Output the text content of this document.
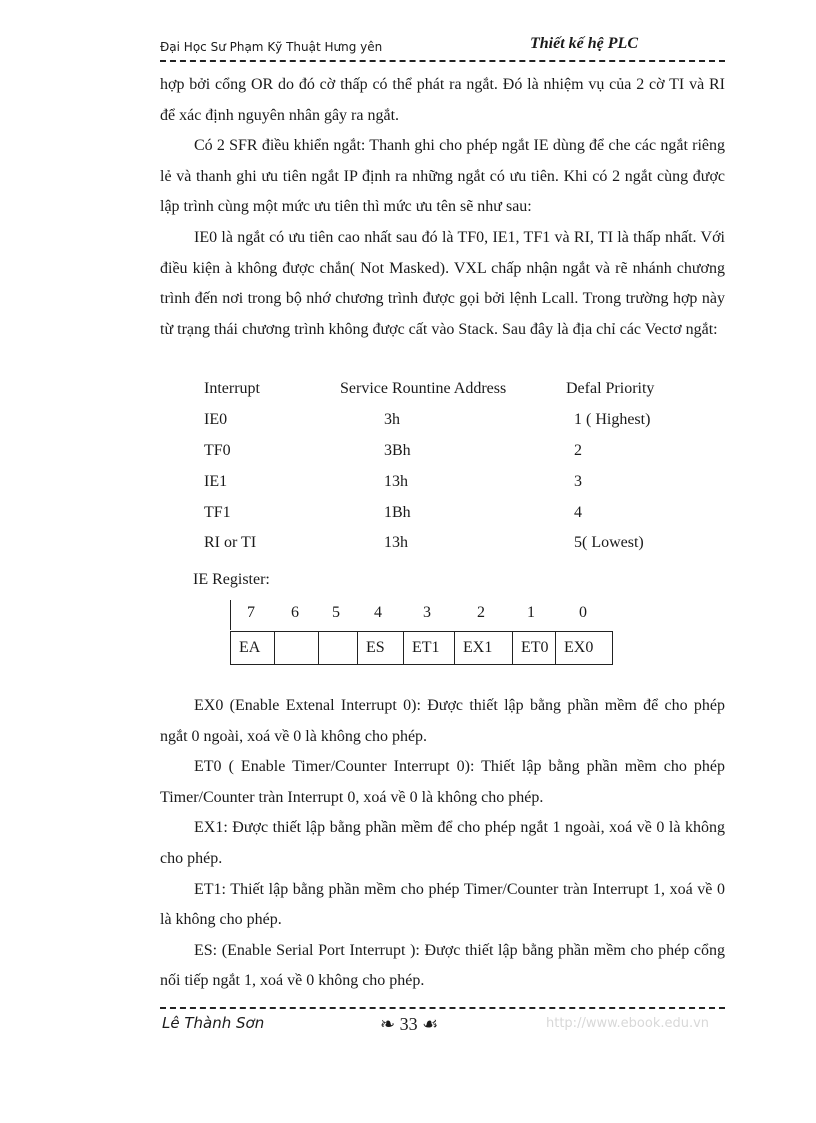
Đại Học Sư Phạm Kỹ Thuật Hưng yên	Thiết kế hệ PLC

hợp bởi cổng OR do đó cờ thấp có thể phát ra ngắt. Đó là nhiệm vụ của 2 cờ TI và RI để xác định nguyên nhân gây ra ngắt.

Có 2 SFR điều khiển ngắt: Thanh ghi cho phép ngắt IE dùng để che các ngắt riêng lẻ và thanh ghi ưu tiên ngắt IP định ra những ngắt có ưu tiên. Khi có 2 ngắt cùng được lập trình cùng một mức ưu tiên thì mức ưu tên sẽ như sau:

IE0 là ngắt có ưu tiên cao nhất sau đó là TF0, IE1, TF1 và RI, TI là thấp nhất. Với điều kiện à không được chắn( Not Masked). VXL chấp nhận ngắt và rẽ nhánh chương trình đến nơi trong bộ nhớ chương trình được gọi bởi lệnh Lcall. Trong trường hợp này từ trạng thái chương trình không được cất vào Stack. Sau đây là địa chỉ các Vectơ ngắt:

Interrupt	Service Rountine Address	Defal Priority
IE0	3h	1 ( Highest)
TF0	3Bh	2
IE1	13h	3
TF1	1Bh	4
RI or TI	13h	5( Lowest)
IE Register:
7 6 5 4	3	2	1	0
EA			ES	ET1	EX1	ET0	EX0

EX0 (Enable Extenal Interrupt 0): Được thiết lập bằng phần mềm để cho phép ngắt 0 ngoài, xoá về 0 là không cho phép.

ET0 ( Enable Timer/Counter Interrupt 0): Thiết lập bằng phần mềm cho phép Timer/Counter tràn Interrupt 0, xoá về 0 là không cho phép.

EX1: Được thiết lập bằng phần mềm để cho phép ngắt 1 ngoài, xoá về 0 là không cho phép.

ET1: Thiết lập bằng phần mềm cho phép Timer/Counter tràn Interrupt 1, xoá về 0 là không cho phép.

ES: (Enable Serial Port Interrupt ): Được thiết lập bằng phần mềm cho phép cổng nối tiếp ngắt 1, xoá về 0 không cho phép.

Lê Thành Sơn	❧ 33 ☙	http://www.ebook.edu.vn
